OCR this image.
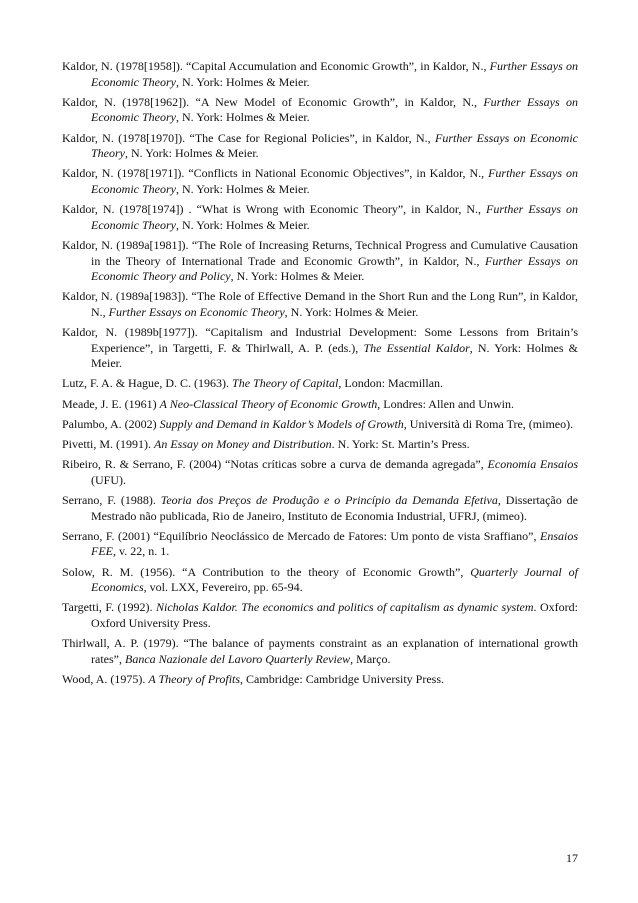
Kaldor, N. (1978[1958]). “Capital Accumulation and Economic Growth”, in Kaldor, N., Further Essays on Economic Theory, N. York: Holmes & Meier.

Kaldor, N. (1978[1962]). “A New Model of Economic Growth”, in Kaldor, N., Further Essays on Economic Theory, N. York: Holmes & Meier.

Kaldor, N. (1978[1970]). “The Case for Regional Policies”, in Kaldor, N., Further Essays on Economic Theory, N. York: Holmes & Meier.

Kaldor, N. (1978[1971]). “Conflicts in National Economic Objectives”, in Kaldor, N., Further Essays on Economic Theory, N. York: Holmes & Meier.

Kaldor, N. (1978[1974]) . “What is Wrong with Economic Theory”, in Kaldor, N., Further Essays on Economic Theory, N. York: Holmes & Meier.

Kaldor, N. (1989a[1981]). “The Role of Increasing Returns, Technical Progress and Cumulative Causation in the Theory of International Trade and Economic Growth”, in Kaldor, N., Further Essays on Economic Theory and Policy, N. York: Holmes & Meier.

Kaldor, N. (1989a[1983]). “The Role of Effective Demand in the Short Run and the Long Run”, in Kaldor, N., Further Essays on Economic Theory, N. York: Holmes & Meier.

Kaldor, N. (1989b[1977]). “Capitalism and Industrial Development: Some Lessons from Britain’s Experience”, in Targetti, F. & Thirlwall, A. P. (eds.), The Essential Kaldor, N. York: Holmes & Meier.

Lutz, F. A. & Hague, D. C. (1963). The Theory of Capital, London: Macmillan.

Meade, J. E. (1961) A Neo-Classical Theory of Economic Growth, Londres: Allen and Unwin.

Palumbo, A. (2002) Supply and Demand in Kaldor’s Models of Growth, Università di Roma Tre, (mimeo).

Pivetti, M. (1991). An Essay on Money and Distribution. N. York: St. Martin’s Press.

Ribeiro, R. & Serrano, F. (2004) “Notas críticas sobre a curva de demanda agregada”, Economia Ensaios (UFU).

Serrano, F. (1988). Teoria dos Preços de Produção e o Princípio da Demanda Efetiva, Dissertação de Mestrado não publicada, Rio de Janeiro, Instituto de Economia Industrial, UFRJ, (mimeo).

Serrano, F. (2001) “Equilíbrio Neoclássico de Mercado de Fatores: Um ponto de vista Sraffiano”, Ensaios FEE, v. 22, n. 1.

Solow, R. M. (1956). “A Contribution to the theory of Economic Growth”, Quarterly Journal of Economics, vol. LXX, Fevereiro, pp. 65-94.

Targetti, F. (1992). Nicholas Kaldor. The economics and politics of capitalism as dynamic system. Oxford: Oxford University Press.

Thirlwall, A. P. (1979). “The balance of payments constraint as an explanation of international growth rates”, Banca Nazionale del Lavoro Quarterly Review, Março.

Wood, A. (1975). A Theory of Profits, Cambridge: Cambridge University Press.

17
